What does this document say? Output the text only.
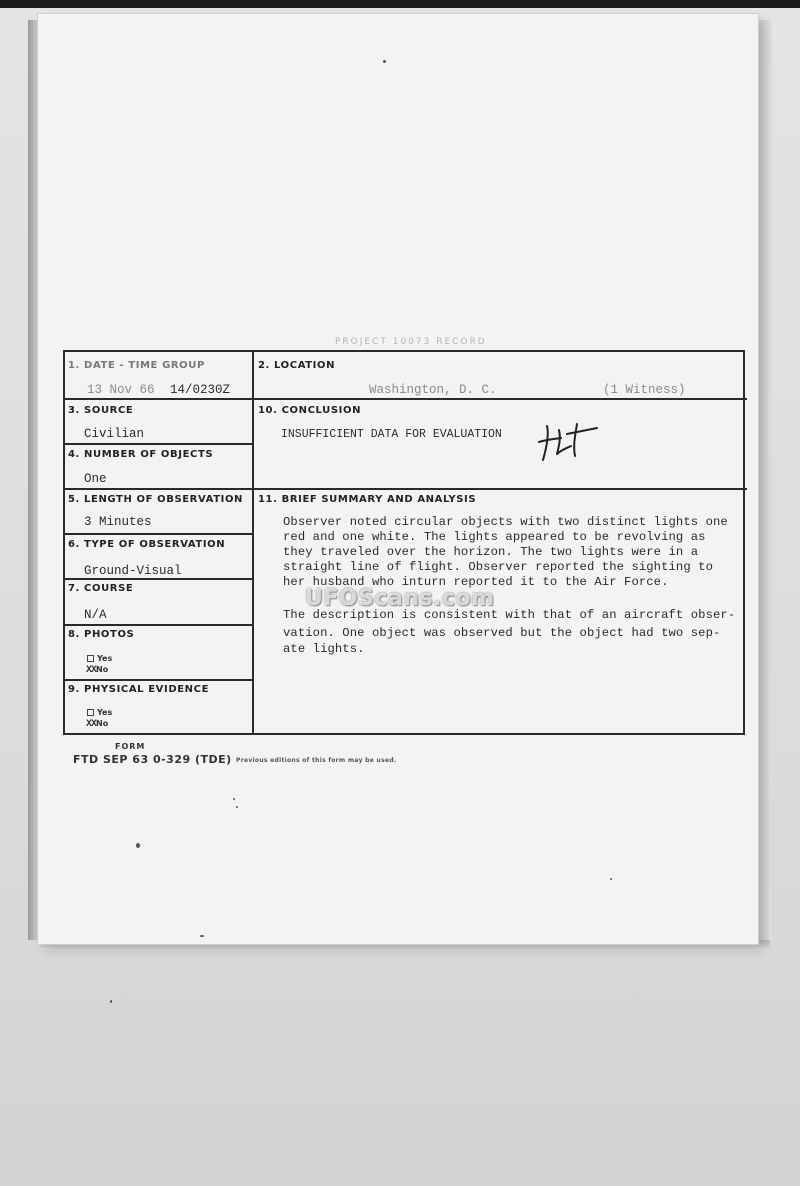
PROJECT 10073 RECORD
1. DATE - TIME GROUP
13 Nov 66 14/0230Z
2. LOCATION
Washington, D. C.	(1 Witness)
3. SOURCE
Civilian
4. NUMBER OF OBJECTS
One
5. LENGTH OF OBSERVATION
3 Minutes
6. TYPE OF OBSERVATION
Ground-Visual
7. COURSE
N/A
8. PHOTOS
Yes
XXNo
9. PHYSICAL EVIDENCE
Yes
XXNo
10. CONCLUSION
INSUFFICIENT DATA FOR EVALUATION
11. BRIEF SUMMARY AND ANALYSIS
Observer noted circular objects with two distinct lights one
red and one white. The lights appeared to be revolving as
they traveled over the horizon. The two lights were in a
straight line of flight. Observer reported the sighting to
her husband who inturn reported it to the Air Force.
The description is consistent with that of an aircraft obser-
vation. One object was observed but the object had two sep-
ate lights.
FORM
FTD SEP 63 0-329 (TDE) Previous editions of this form may be used.
UFOScans.com
